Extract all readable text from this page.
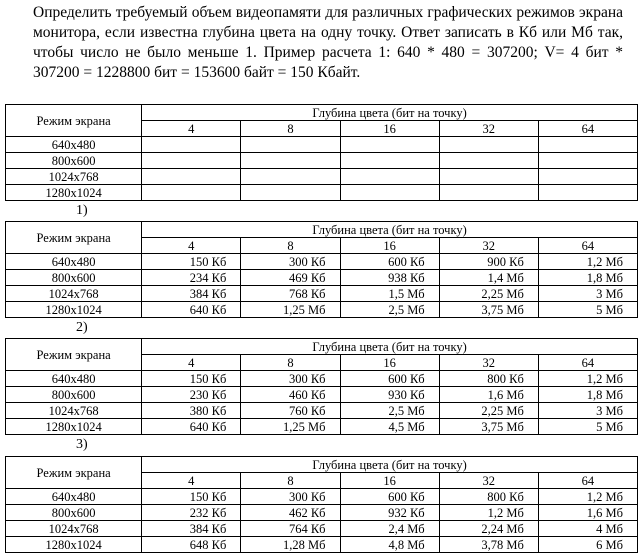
Определить требуемый объем видеопамяти для различных графических режимов экрана монитора, если известна глубина цвета на одну точку. Ответ записать в Кб или Мб так, чтобы число не было меньше 1. Пример расчета 1: 640 * 480 = 307200; V= 4 бит * 307200 = 1228800 бит = 153600 байт = 150 Кбайт.

Режим экрана	Глубина цвета (бит на точку)				
	4	8	16	32	64
640x480					
800x600					
1024x768					
1280x1024					
1)
Режим экрана	Глубина цвета (бит на точку)				
	4	8	16	32	64
640x480	150 Кб	300 Кб	600 Кб	900 Кб	1,2 Мб
800x600	234 Кб	469 Кб	938 Кб	1,4 Мб	1,8 Мб
1024x768	384 Кб	768 Кб	1,5 Мб	2,25 Мб	3 Мб
1280x1024	640 Кб	1,25 Мб	2,5 Мб	3,75 Мб	5 Мб
2)
Режим экрана	Глубина цвета (бит на точку)				
	4	8	16	32	64
640x480	150 Кб	300 Кб	600 Кб	800 Кб	1,2 Мб
800x600	230 Кб	460 Кб	930 Кб	1,6 Мб	1,8 Мб
1024x768	380 Кб	760 Кб	2,5 Мб	2,25 Мб	3 Мб
1280x1024	640 Кб	1,25 Мб	4,5 Мб	3,75 Мб	5 Мб
3)
Режим экрана	Глубина цвета (бит на точку)				
	4	8	16	32	64
640x480	150 Кб	300 Кб	600 Кб	800 Кб	1,2 Мб
800x600	232 Кб	462 Кб	932 Кб	1,2 Мб	1,6 Мб
1024x768	384 Кб	764 Кб	2,4 Мб	2,24 Мб	4 Мб
1280x1024	648 Кб	1,28 Мб	4,8 Мб	3,78 Мб	6 Мб
